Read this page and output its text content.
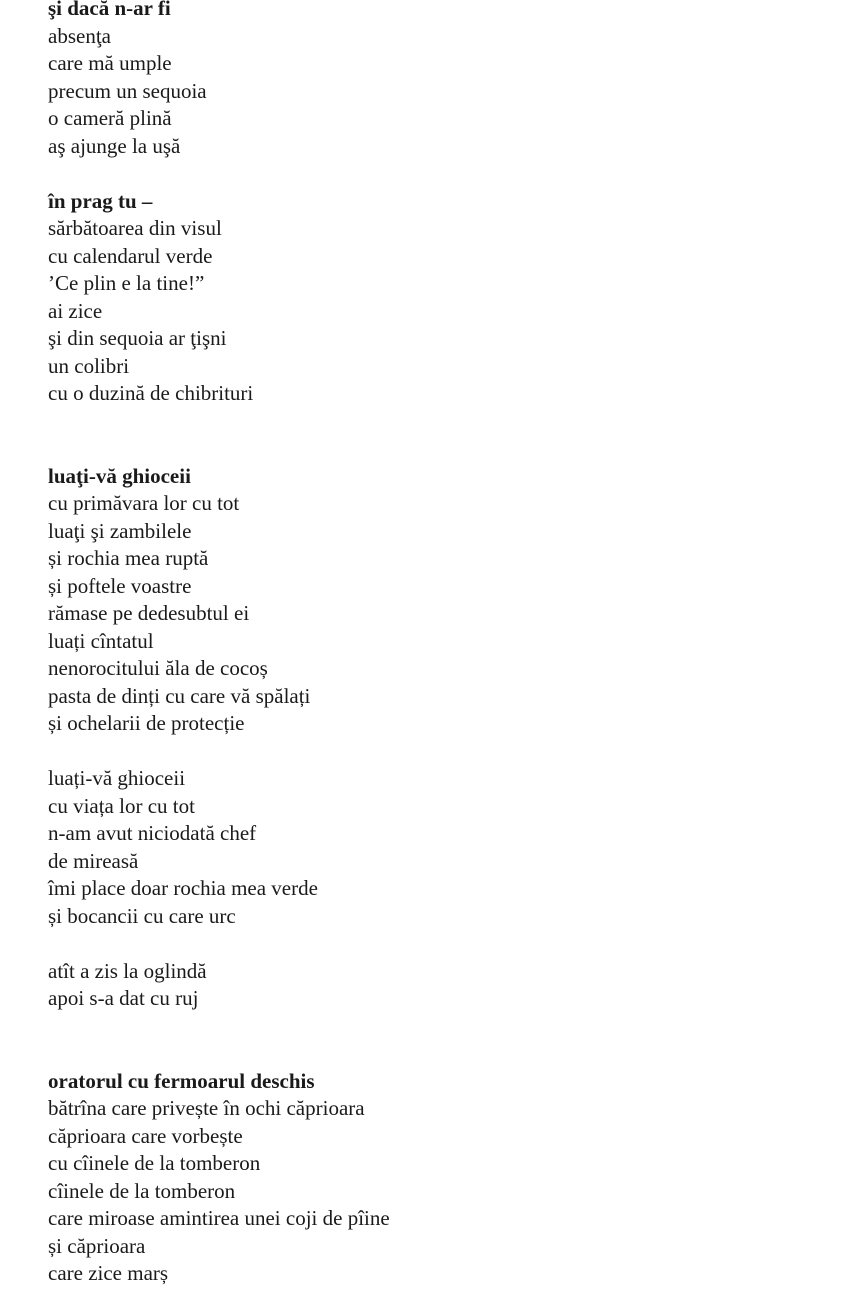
şi dacă n-ar fi
absenţa
care mă umple
precum un sequoia
o cameră plină
aş ajunge la uşă
în prag tu –
sărbătoarea din visul
cu calendarul verde
’Ce plin e la tine!”
ai zice
şi din sequoia ar ţişni
un colibri
cu o duzină de chibrituri
luaţi-vă ghioceii
cu primăvara lor cu tot
luaţi şi zambilele
și rochia mea ruptă
și poftele voastre
rămase pe dedesubtul ei
luați cîntatul
nenorocitului ăla de cocoș
pasta de dinți cu care vă spălați
și ochelarii de protecție
luați-vă ghioceii
cu viața lor cu tot
n-am avut niciodată chef
de mireasă
îmi place doar rochia mea verde
și bocancii cu care urc
atît a zis la oglindă
apoi s-a dat cu ruj
oratorul cu fermoarul deschis
bătrîna care privește în ochi căprioara
căprioara care vorbește
cu cîinele de la tomberon
cîinele de la tomberon
care miroase amintirea unei coji de pîine
și căprioara
care zice marș
